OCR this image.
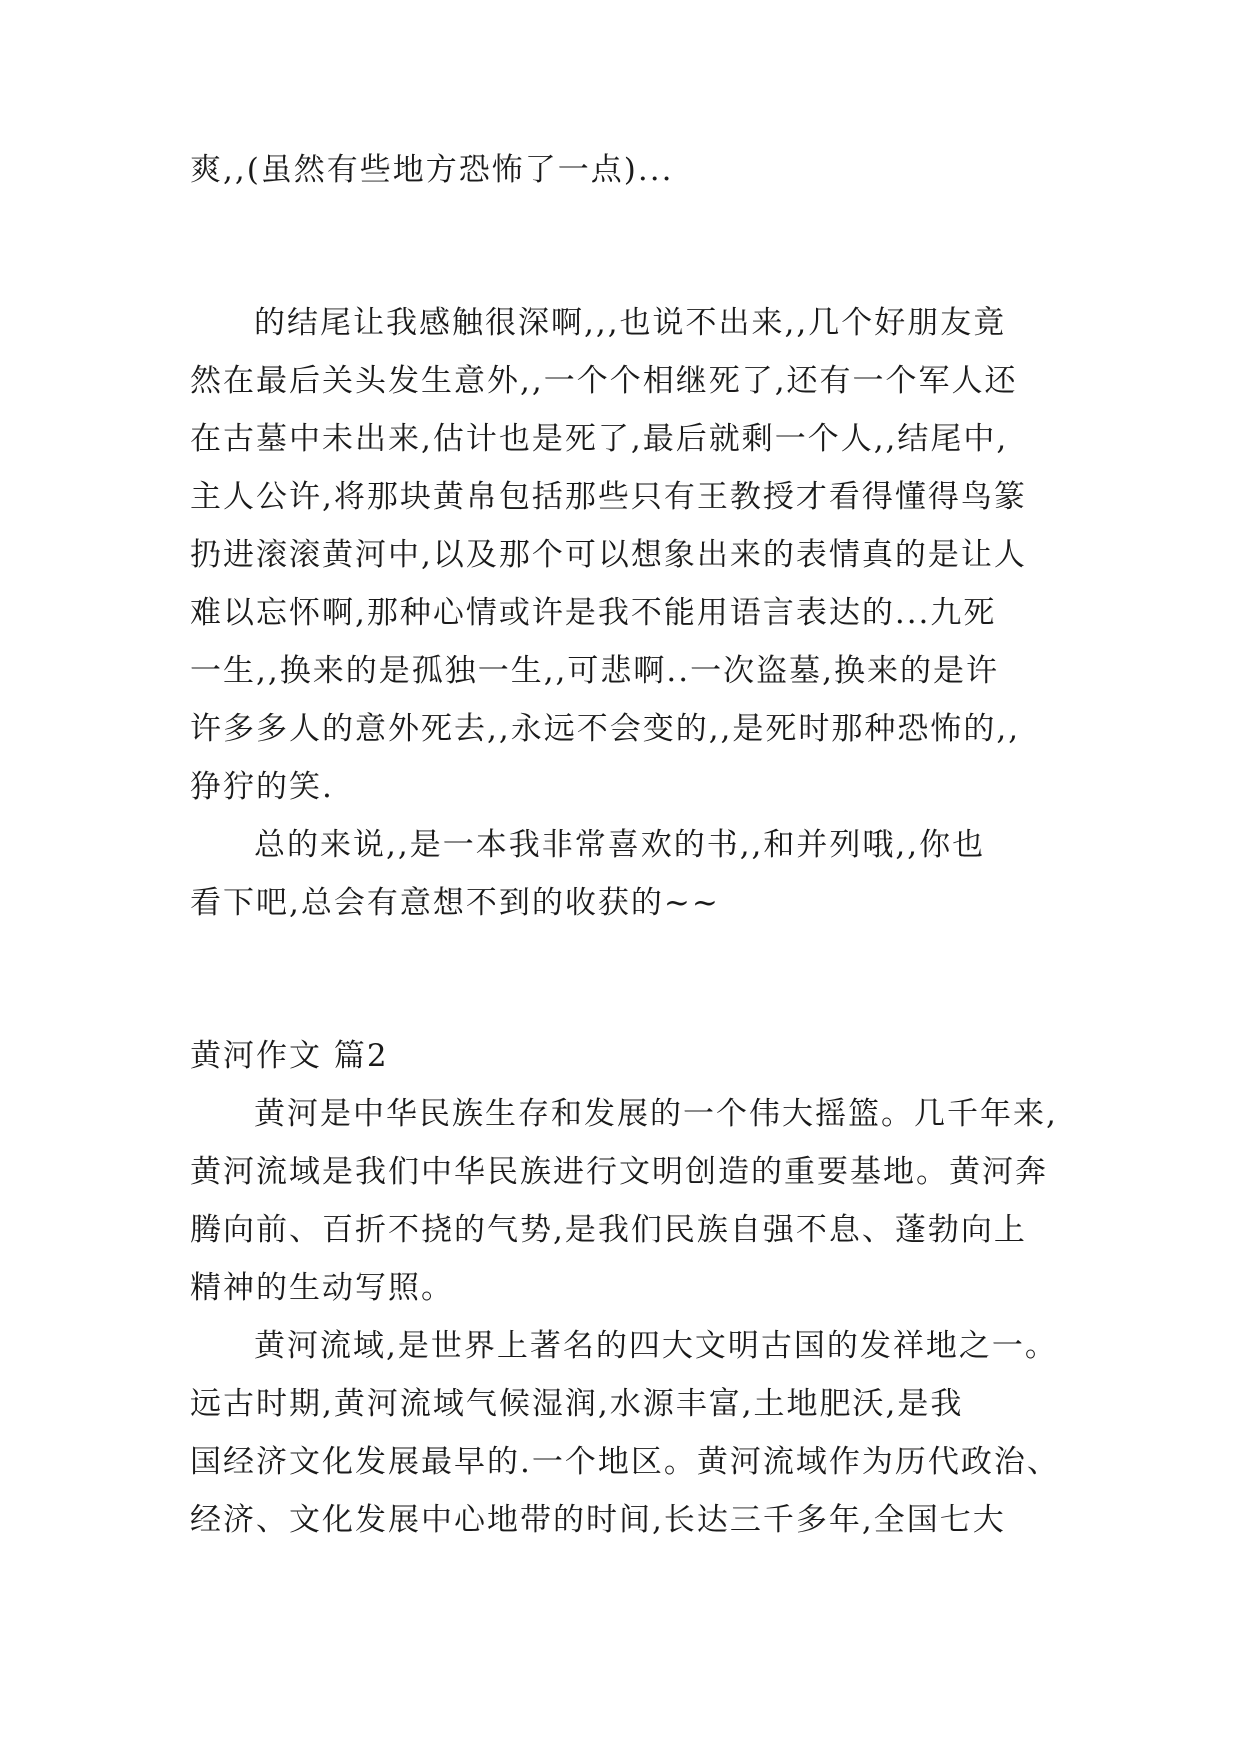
爽,,(虽然有些地方恐怖了一点)...
的结尾让我感触很深啊,,,也说不出来,,几个好朋友竟
然在最后关头发生意外,,一个个相继死了,还有一个军人还
在古墓中未出来,估计也是死了,最后就剩一个人,,结尾中,
主人公许,将那块黄帛包括那些只有王教授才看得懂得鸟篆
扔进滚滚黄河中,以及那个可以想象出来的表情真的是让人
难以忘怀啊,那种心情或许是我不能用语言表达的...九死
一生,,换来的是孤独一生,,可悲啊..一次盗墓,换来的是许
许多多人的意外死去,,永远不会变的,,是死时那种恐怖的,,
狰狞的笑.
总的来说,,是一本我非常喜欢的书,,和并列哦,,你也
看下吧,总会有意想不到的收获的~~
黄河作文 篇2
黄河是中华民族生存和发展的一个伟大摇篮。几千年来,
黄河流域是我们中华民族进行文明创造的重要基地。黄河奔
腾向前、百折不挠的气势,是我们民族自强不息、蓬勃向上
精神的生动写照。
黄河流域,是世界上著名的四大文明古国的发祥地之一。
远古时期,黄河流域气候湿润,水源丰富,土地肥沃,是我
国经济文化发展最早的.一个地区。黄河流域作为历代政治、
经济、文化发展中心地带的时间,长达三千多年,全国七大
